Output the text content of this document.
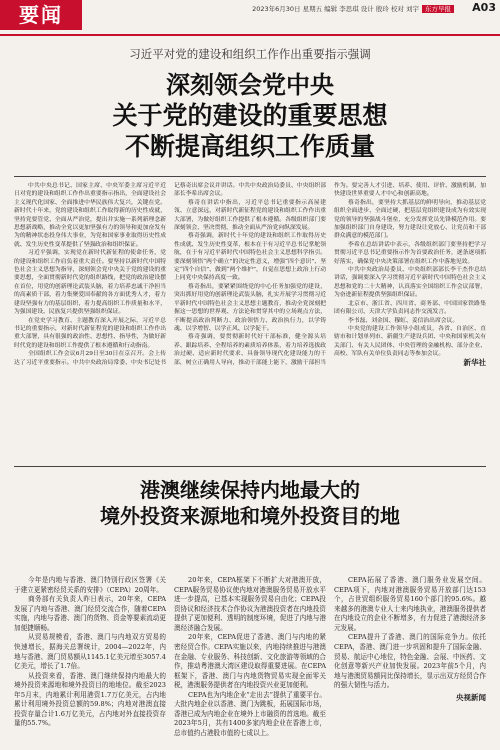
要闻	2023年6月30日 星期五 编辑 李思琪 设计 殷玲 校对 刘宇 东方早报 A03
习近平对党的建设和组织工作作出重要指示强调
深刻领会党中央
关于党的建设的重要思想
不断提高组织工作质量

中共中央总书记、国家主席、中央军委主席习近平近日对党的建设和组织工作作出重要指示指出，全面建设社会主义现代化国家、全面推进中华民族伟大复兴，关键在党。新时代十年来，党的建设和组织工作取得新的历史性成就，坚持党要管党、全面从严治党，提出并实施一系列新理念新思想新战略，推动全党以更加坚强有力的领导和更加奋发有为的精神状态投身伟大事业，为党和国家事业取得历史性成就、发生历史性变革提供了坚强政治和组织保证。

习近平强调，实现党在新时代新征程的使命任务，党的建设和组织工作肩负着重大责任。要坚持以新时代中国特色社会主义思想为指导，深刻领会党中央关于党的建设的重要思想，全面贯彻新时代党的组织路线，把党的政治建设摆在首位，用党的创新理论武装头脑，着力培养忠诚干净担当的高素质干部，着力集聚爱国奉献的各方面优秀人才，着力建设坚强有力的基层组织，着力提高组织工作质量和水平，为强国建设、民族复兴提供坚强组织保证。

在党史学习教育、主题教育深入开展之际，习近平总书记的重要指示，对新时代新征程党的建设和组织工作作出重大部署，具有很强的政治性、思想性、指导性，为做好新时代党的建设和组织工作提供了根本遵循和行动指南。

全国组织工作会议6月29日至30日在京召开。会上传达了习近平重要指示。中共中央政治局常委、中央书记处书记蔡奇出席会议并讲话。中共中央政治局委员、中央组织部部长李希出席会议。

蔡奇在讲话中指出，习近平总书记重要指示高屋建瓴、立意深远，对新时代新征程党的建设和组织工作作出重大部署，为做好组织工作提供了根本遵循。各级组织部门要深刻领会、坚决贯彻，推动全面从严治党向纵深发展。

蔡奇强调，新时代十年党的建设和组织工作取得历史性成就、发生历史性变革，根本在于有习近平总书记掌舵领航，在于有习近平新时代中国特色社会主义思想科学指引。要深刻领悟“两个确立”的决定性意义，增强“四个意识”、坚定“四个自信”、做到“两个维护”，自觉在思想上政治上行动上同党中央保持高度一致。

蔡奇指出，要紧紧围绕党的中心任务加强党的建设，突出抓好用党的创新理论武装头脑，扎实开展学习贯彻习近平新时代中国特色社会主义思想主题教育，推动全党深刻把握这一思想的世界观、方法论和贯穿其中的立场观点方法，不断提高政治判断力、政治领悟力、政治执行力，以学铸魂、以学增智、以学正风、以学促干。

蔡奇强调，要贯彻新时代好干部标准，健全源头培养、跟踪培养、全程培养的素质培养体系，着力培养选拔政治过硬、适应新时代要求、具备领导现代化建设能力的干部，树立正确用人导向，推动干部能上能下，激励干部担当作为。要完善人才引进、培养、使用、评价、激励机制，加快建设世界重要人才中心和创新高地。

蔡奇指出，要坚持大抓基层的鲜明导向，推动基层党组织全面进步、全面过硬，把基层党组织建设成为有效实现党的领导的坚强战斗堡垒，充分发挥党员先锋模范作用。要加强组织部门自身建设，努力建设让党放心、让党员和干部群众满意的模范部门。

李希在总结讲话中表示，各级组织部门要坚持把学习贯彻习近平总书记重要指示作为首要政治任务，逐条逐项抓好落实，确保党中央决策部署在组织工作中落地见效。

中共中央政治局委员、中央组织部部长李干杰作总结讲话，强调要深入学习贯彻习近平新时代中国特色社会主义思想和党的二十大精神，认真落实全国组织工作会议部署，为奋进新征程提供坚强组织保证。

北京市、浙江省、四川省、商务部、中国国家铁路集团有限公司、天津大学负责同志作交流发言。

李书磊、刘金国、穆虹、姜信治出席会议。

中央党的建设工作领导小组成员，各省、自治区、直辖市和计划单列市、新疆生产建设兵团、中央和国家机关有关部门、有关人民团体、中央管理的金融机构、部分企业、高校、军队有关单位负责同志等参加会议。

新华社

港澳继续保持内地最大的
境外投资来源地和境外投资目的地

今年是内地与香港、澳门特别行政区签署《关于建立更紧密经贸关系的安排》（CEPA）20周年。

商务部有关负责人昨日表示，20年来，CEPA发展了内地与香港、澳门经贸交流合作，随着CEPA实施，内地与香港、澳门的货物、资金等要素流动更加便捷顺畅。

从贸易规模看，香港、澳门与内地双方贸易的快速增长，据海关总署统计，2004—2022年，内地与香港、澳门贸易额从1145.1亿美元增至3057.4亿美元，增长了1.7倍。

从投资来看，香港、澳门继续保持内地最大的境外投资来源地和境外投资目的地地位。截至2023年5月末，内地累计利用港资1.7万亿美元，占内地累计利用境外投资总额的59.8%；内地对港澳直接投资存量合计1.6万亿美元，占内地对外直接投资存量的55.7%。

20年来，CEPA框架下不断扩大对港澳开放，CEPA服务贸易协议使内地对港澳服务贸易开放水平进一步提高，已基本实现服务贸易自由化；CEPA投资协议和经济技术合作协议为港澳投资者在内地投资提供了更加便利、透明的制度环境，促进了内地与港澳经济融合发展。

20年来，CEPA促进了香港、澳门与内地的紧密经贸合作。CEPA实施以来，内地持续推进与港澳在金融、专业服务、科技创新、文化旅游等领域的合作，推动粤港澳大湾区建设取得重要进展。在CEPA框架下，香港、澳门与内地货物贸易实现全面零关税，港澳服务提供者在内地投资兴业更加便利。

CEPA也为内地企业“走出去”提供了重要平台。大批内地企业以香港、澳门为跳板，拓展国际市场，香港已成为内地企业在境外上市融资的首选地。截至2023年5月，共有1400多家内地企业在香港上市，总市值约占港股市值的七成以上。

CEPA拓展了香港、澳门服务业发展空间。CEPA项下，内地对港澳服务贸易开放部门达153个，占世贸组织服务贸易160个部门的95.6%。越来越多的港澳专业人士来内地执业，港澳服务提供者在内地设立的企业不断增多，有力促进了港澳经济多元发展。

CEPA提升了香港、澳门的国际竞争力。依托CEPA，香港、澳门进一步巩固和提升了国际金融、贸易、航运中心地位，特色金融、会展、中医药、文化创意等新兴产业加快发展。2023年前5个月，内地与港澳贸易额同比保持增长，显示出双方经贸合作的强大韧性与活力。

央视新闻
